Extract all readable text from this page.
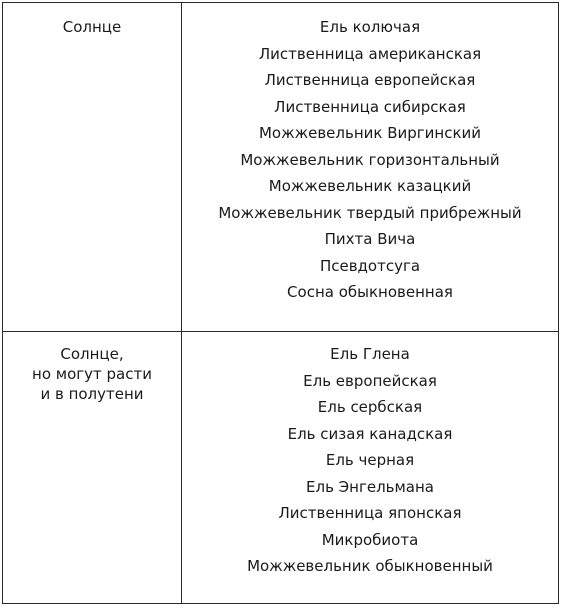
Солнце	Ель колючая
Лиственница американская
Лиственница европейская
Лиственница сибирская
Можжевельник Виргинский
Можжевельник горизонтальный
Можжевельник казацкий
Можжевельник твердый прибрежный
Пихта Вича
Псевдотсуга
Сосна обыкновенная
Солнце,
но могут расти
и в полутени
Ель Глена
Ель европейская
Ель сербская
Ель сизая канадская
Ель черная
Ель Энгельмана
Лиственница японская
Микробиота
Можжевельник обыкновенный
